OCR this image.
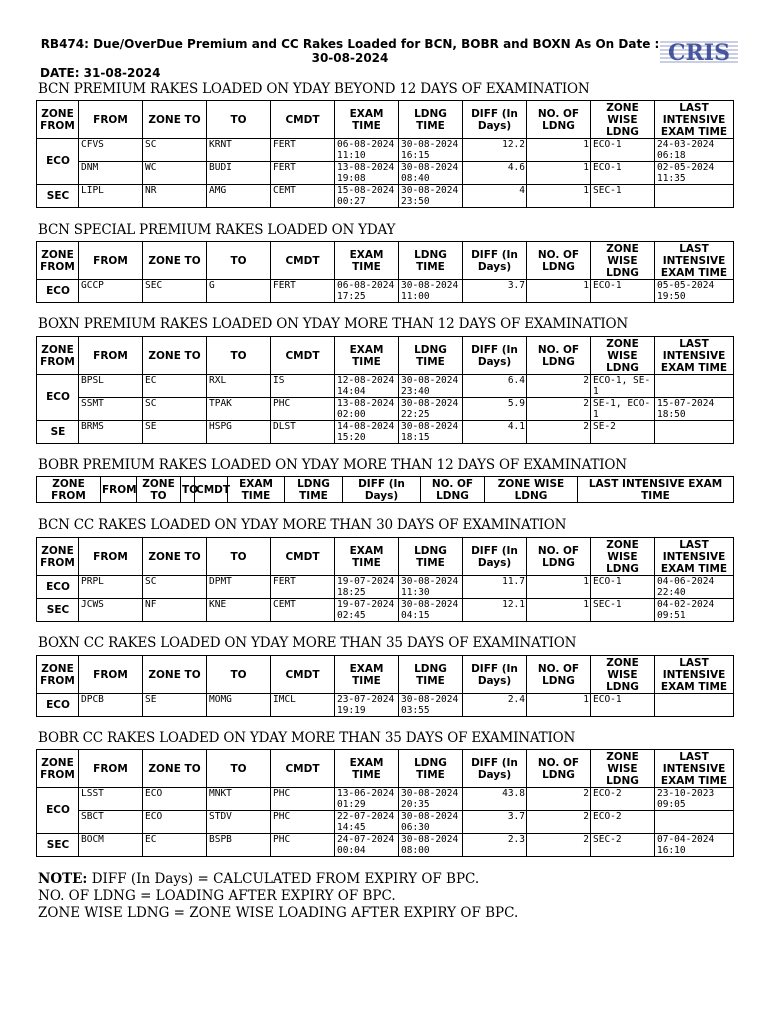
RB474: Due/OverDue Premium and CC Rakes Loaded for BCN, BOBR and BOXN As On Date : 30-08-2024	CRIS
DATE: 31-08-2024
BCN PREMIUM RAKES LOADED ON YDAY BEYOND 12 DAYS OF EXAMINATION
ZONE FROM	FROM	ZONE TO	TO	CMDT	EXAM TIME	LDNG TIME	DIFF (In Days)	NO. OF LDNG	ZONE WISE LDNG	LAST INTENSIVE EXAM TIME
ECO	CFVS	SC	KRNT	FERT	06-08-2024 11:10	30-08-2024 16:15	12.2	1	ECO-1	24-03-2024 06:18
	DNM	WC	BUDI	FERT	13-08-2024 19:08	30-08-2024 08:40	4.6	1	ECO-1	02-05-2024 11:35
SEC	LIPL	NR	AMG	CEMT	15-08-2024 00:27	30-08-2024 23:50	4	1	SEC-1	
BCN SPECIAL PREMIUM RAKES LOADED ON YDAY
ZONE FROM	FROM	ZONE TO	TO	CMDT	EXAM TIME	LDNG TIME	DIFF (In Days)	NO. OF LDNG	ZONE WISE LDNG	LAST INTENSIVE EXAM TIME
ECO	GCCP	SEC	G	FERT	06-08-2024 17:25	30-08-2024 11:00	3.7	1	ECO-1	05-05-2024 19:50
BOXN PREMIUM RAKES LOADED ON YDAY MORE THAN 12 DAYS OF EXAMINATION
ZONE FROM	FROM	ZONE TO	TO	CMDT	EXAM TIME	LDNG TIME	DIFF (In Days)	NO. OF LDNG	ZONE WISE LDNG	LAST INTENSIVE EXAM TIME
ECO	BPSL	EC	RXL	IS	12-08-2024 14:04	30-08-2024 23:40	6.4	2	ECO-1, SE-1	
	SSMT	SC	TPAK	PHC	13-08-2024 02:00	30-08-2024 22:25	5.9	2	SE-1, ECO-1	15-07-2024 18:50
SE	BRMS	SE	HSPG	DLST	14-08-2024 15:20	30-08-2024 18:15	4.1	2	SE-2	
BOBR PREMIUM RAKES LOADED ON YDAY MORE THAN 12 DAYS OF EXAMINATION
ZONE FROM	FROM	ZONE TO	TO	CMDT	EXAM TIME	LDNG TIME	DIFF (In Days)	NO. OF LDNG	ZONE WISE LDNG	LAST INTENSIVE EXAM TIME
BCN CC RAKES LOADED ON YDAY MORE THAN 30 DAYS OF EXAMINATION
ZONE FROM	FROM	ZONE TO	TO	CMDT	EXAM TIME	LDNG TIME	DIFF (In Days)	NO. OF LDNG	ZONE WISE LDNG	LAST INTENSIVE EXAM TIME
ECO	PRPL	SC	DPMT	FERT	19-07-2024 18:25	30-08-2024 11:30	11.7	1	ECO-1	04-06-2024 22:40
SEC	JCWS	NF	KNE	CEMT	19-07-2024 02:45	30-08-2024 04:15	12.1	1	SEC-1	04-02-2024 09:51
BOXN CC RAKES LOADED ON YDAY MORE THAN 35 DAYS OF EXAMINATION
ZONE FROM	FROM	ZONE TO	TO	CMDT	EXAM TIME	LDNG TIME	DIFF (In Days)	NO. OF LDNG	ZONE WISE LDNG	LAST INTENSIVE EXAM TIME
ECO	DPCB	SE	MOMG	IMCL	23-07-2024 19:19	30-08-2024 03:55	2.4	1	ECO-1	
BOBR CC RAKES LOADED ON YDAY MORE THAN 35 DAYS OF EXAMINATION
ZONE FROM	FROM	ZONE TO	TO	CMDT	EXAM TIME	LDNG TIME	DIFF (In Days)	NO. OF LDNG	ZONE WISE LDNG	LAST INTENSIVE EXAM TIME
ECO	LSST	ECO	MNKT	PHC	13-06-2024 01:29	30-08-2024 20:35	43.8	2	ECO-2	23-10-2023 09:05
	SBCT	ECO	STDV	PHC	22-07-2024 14:45	30-08-2024 06:30	3.7	2	ECO-2	
SEC	BOCM	EC	BSPB	PHC	24-07-2024 00:04	30-08-2024 08:00	2.3	2	SEC-2	07-04-2024 16:10
NOTE: DIFF (In Days) = CALCULATED FROM EXPIRY OF BPC.
NO. OF LDNG = LOADING AFTER EXPIRY OF BPC.
ZONE WISE LDNG = ZONE WISE LOADING AFTER EXPIRY OF BPC.
